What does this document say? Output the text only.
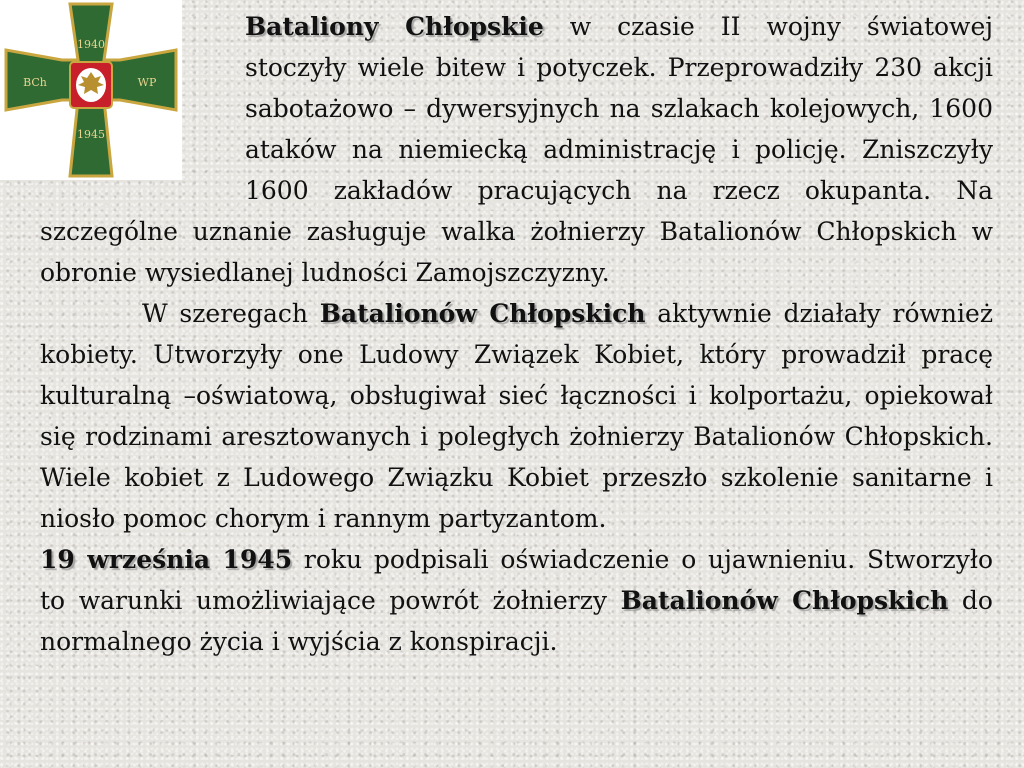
1940
BCh	WP
1945

Bataliony Chłopskie w czasie II wojny światowej stoczyły wiele bitew i potyczek. Przeprowadziły 230 akcji sabotażowo – dywersyjnych na szlakach kolejowych, 1600 ataków na niemiecką administrację i policję. Zniszczyły 1600 zakładów pracujących na rzecz okupanta. Na szczególne uznanie zasługuje walka żołnierzy Batalionów Chłopskich w obronie wysiedlanej ludności Zamojszczyzny.

W szeregach Batalionów Chłopskich aktywnie działały również kobiety. Utworzyły one Ludowy Związek Kobiet, który prowadził pracę kulturalną –oświatową, obsługiwał sieć łączności i kolportażu, opiekował się rodzinami aresztowanych i poległych żołnierzy Batalionów Chłopskich. Wiele kobiet z Ludowego Związku Kobiet przeszło szkolenie sanitarne i niosło pomoc chorym i rannym partyzantom.

19 września 1945 roku podpisali oświadczenie o ujawnieniu. Stworzyło to warunki umożliwiające powrót żołnierzy Batalionów Chłopskich do normalnego życia i wyjścia z konspiracji.
